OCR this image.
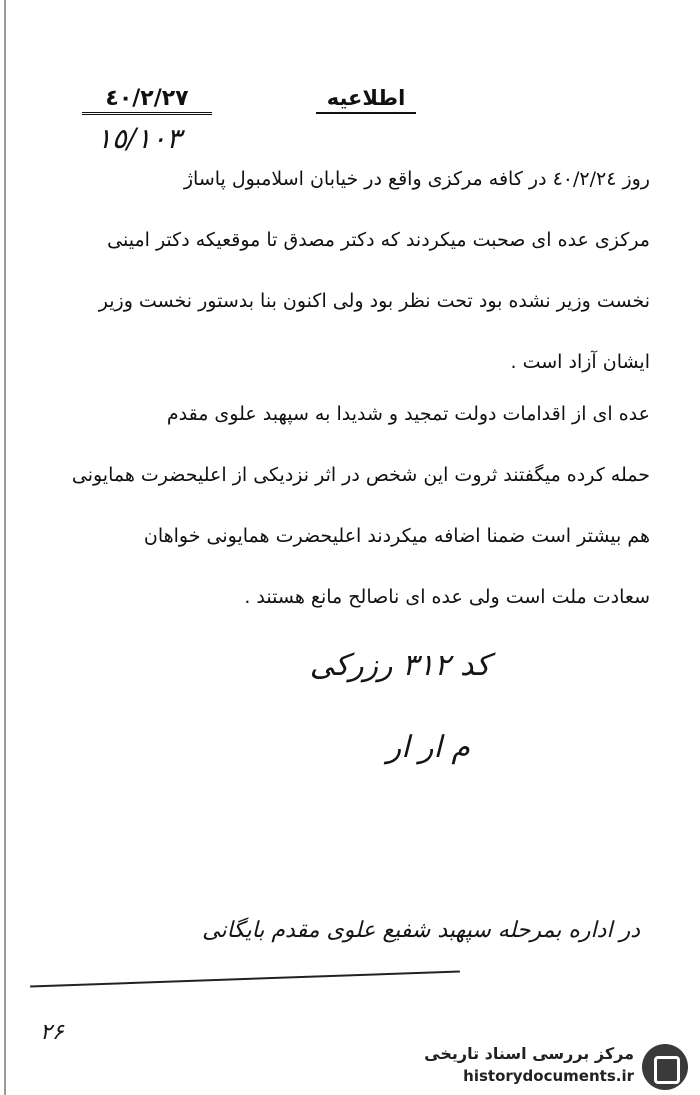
اطلاعیه
٤٠/٢/٢٧
١٥/١٠٣
روز ٤٠/٢/٢٤ در کافه مرکزی واقع در خیابان اسلامبول پاساژ
مرکزی عده ای صحبت میکردند که دکتر مصدق تا موقعیکه دکتر امینی
نخست وزیر نشده بود تحت نظر بود ولی اکنون بنا بدستور نخست وزیر
ایشان آزاد است .
عده ای از اقدامات دولت تمجید و شدیدا به سپهبد علوی مقدم
حمله کرده میگفتند ثروت این شخص در اثر نزدیکی از اعلیحضرت همایونی
هم بیشتر است ضمنا اضافه میکردند اعلیحضرت همایونی خواهان
سعادت ملت است ولی عده ای ناصالح مانع هستند .
کد ۳۱۲ رزرکی
م ار ار
در اداره بمرحله سپهبد شفیع علوی مقدم بایگانی
۲۶
مرکز بررسی اسناد تاریخی
historydocuments.ir
